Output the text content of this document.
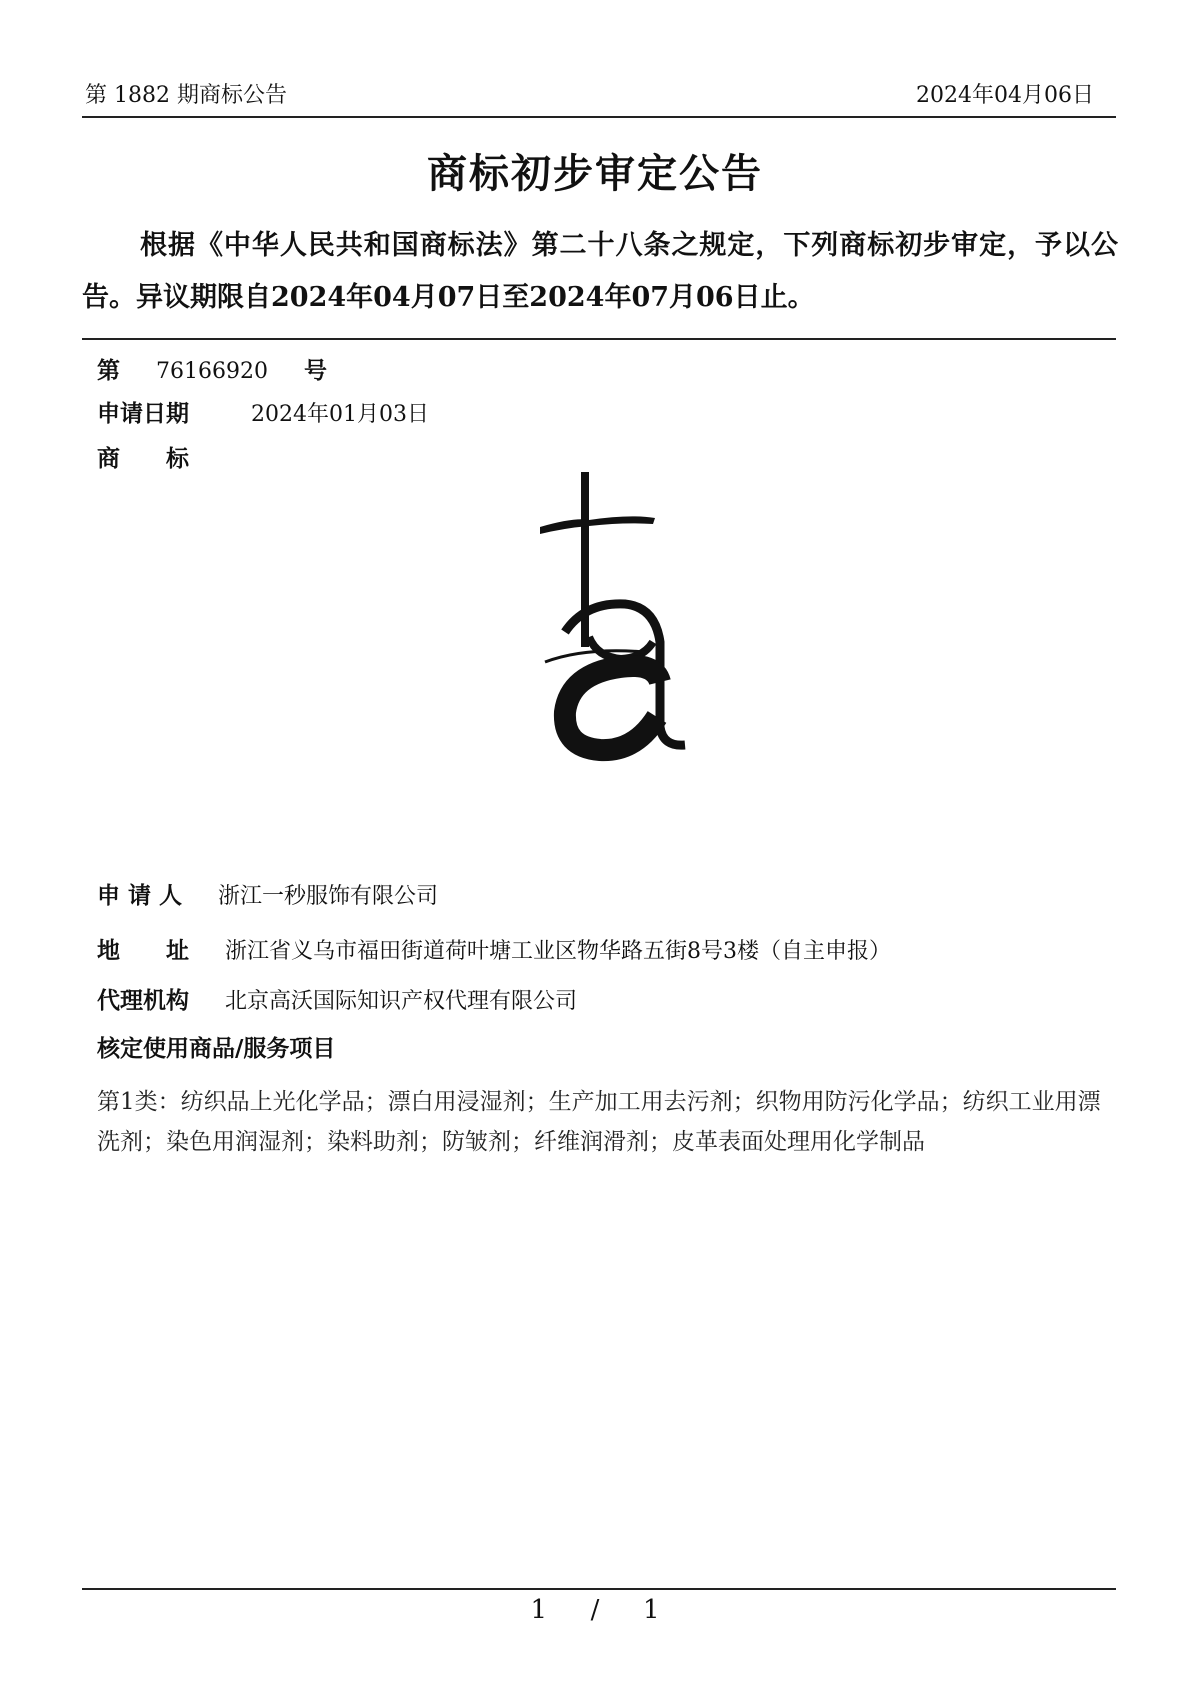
第 1882 期商标公告	2024年04月06日
商标初步审定公告
根据《中华人民共和国商标法》第二十八条之规定，下列商标初步审定，予以公告。异议期限自2024年04月07日至2024年07月06日止。
第 76166920 号
申请日期	2024年01月03日
商　　标
申 请 人 浙江一秒服饰有限公司
地　　址 浙江省义乌市福田街道荷叶塘工业区物华路五街8号3楼（自主申报）
代理机构 北京高沃国际知识产权代理有限公司
核定使用商品/服务项目
第1类：纺织品上光化学品；漂白用浸湿剂；生产加工用去污剂；织物用防污化学品；纺织工业用漂洗剂；染色用润湿剂；染料助剂；防皱剂；纤维润滑剂；皮革表面处理用化学制品
1 / 1
